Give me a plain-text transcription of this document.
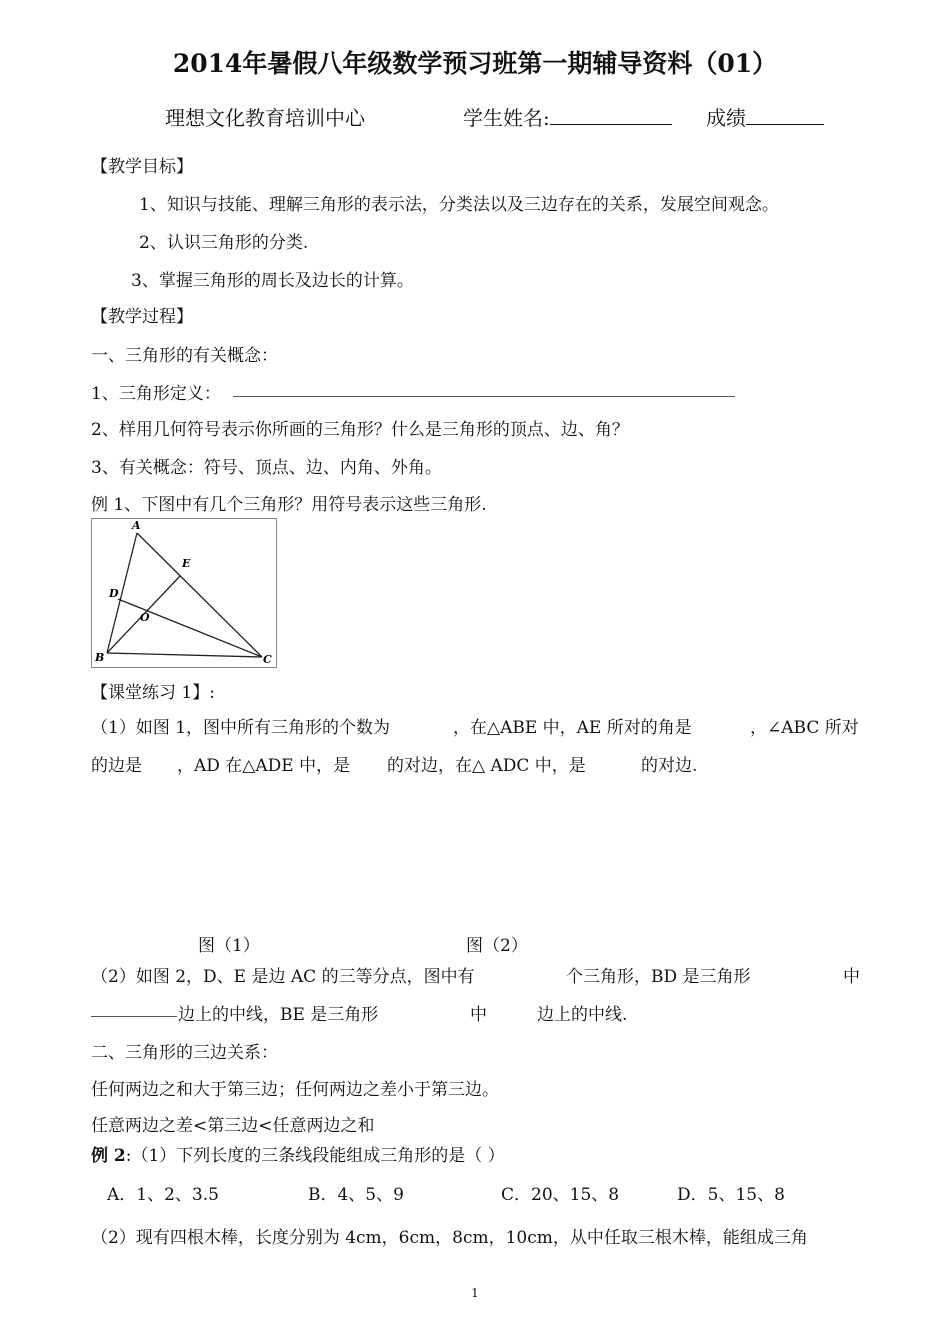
2014年暑假八年级数学预习班第一期辅导资料（01）
理想文化教育培训中心	学生姓名:	成绩
【教学目标】
1、知识与技能、理解三角形的表示法，分类法以及三边存在的关系，发展空间观念。
2、认识三角形的分类.
3、掌握三角形的周长及边长的计算。
【教学过程】
一、三角形的有关概念：
1、三角形定义：
2、样用几何符号表示你所画的三角形？什么是三角形的顶点、边、角？
3、有关概念：符号、顶点、边、内角、外角。
例 1、下图中有几个三角形？用符号表示这些三角形.
A
B	C
D
E
O
【课堂练习 1】:
（1）如图 1，图中所有三角形的个数为	，在△ABE 中，AE 所对的角是	，∠ABC 所对
的边是 ，AD 在△ADE 中，是 的对边，在△ ADC 中，是	的对边.
图（1）	图（2）
（2）如图 2，D、E 是边 AC 的三等分点，图中有	个三角形，BD 是三角形	中
边上的中线，BE 是三角形	中	边上的中线.
二、三角形的三边关系：
任何两边之和大于第三边；任何两边之差小于第三边。
任意两边之差<第三边<任意两边之和
例 2:（1）下列长度的三条线段能组成三角形的是（ ）
A．1、2、3.5	B．4、5、9	C．20、15、8	D．5、15、8
（2）现有四根木棒，长度分别为 4cm，6cm，8cm，10cm，从中任取三根木棒，能组成三角
1
